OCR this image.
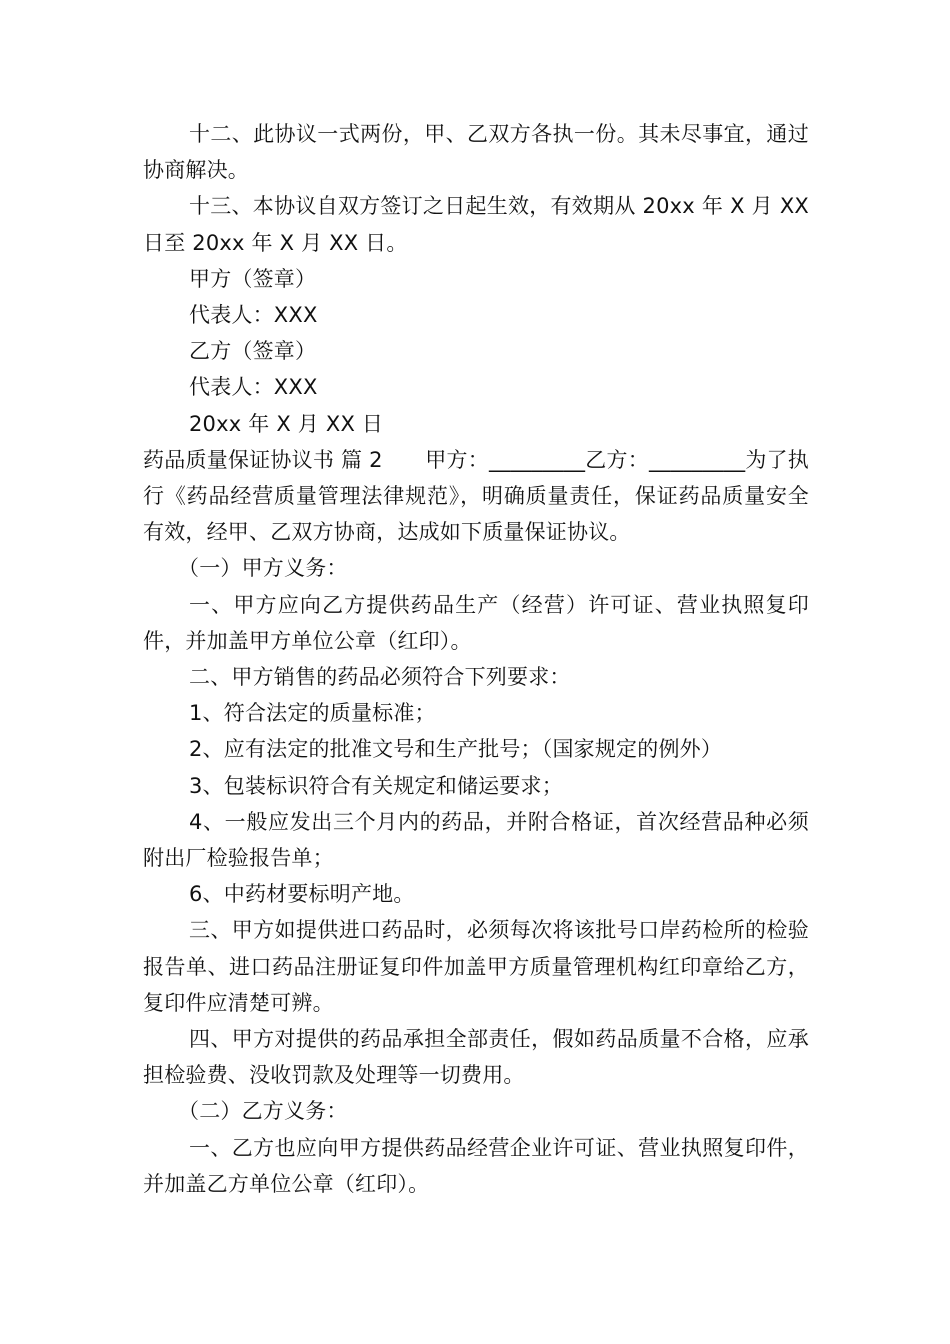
十二、此协议一式两份，甲、乙双方各执一份。其未尽事宜，通过协商解决。

十三、本协议自双方签订之日起生效，有效期从 20xx 年 X 月 XX 日至 20xx 年 X 月 XX 日。

甲方（签章）

代表人：XXX

乙方（签章）

代表人：XXX

20xx 年 X 月 XX 日

药品质量保证协议书 篇 2　　甲方：_________乙方：_________为了执行《药品经营质量管理法律规范》，明确质量责任，保证药品质量安全有效，经甲、乙双方协商，达成如下质量保证协议。

（一）甲方义务：

一、甲方应向乙方提供药品生产（经营）许可证、营业执照复印件，并加盖甲方单位公章（红印）。

二、甲方销售的药品必须符合下列要求：

1、符合法定的质量标准；

2、应有法定的批准文号和生产批号；（国家规定的例外）

3、包装标识符合有关规定和储运要求；

4、一般应发出三个月内的药品，并附合格证，首次经营品种必须附出厂检验报告单；

6、中药材要标明产地。

三、甲方如提供进口药品时，必须每次将该批号口岸药检所的检验报告单、进口药品注册证复印件加盖甲方质量管理机构红印章给乙方，复印件应清楚可辨。

四、甲方对提供的药品承担全部责任，假如药品质量不合格，应承担检验费、没收罚款及处理等一切费用。

（二）乙方义务：

一、乙方也应向甲方提供药品经营企业许可证、营业执照复印件，并加盖乙方单位公章（红印）。
